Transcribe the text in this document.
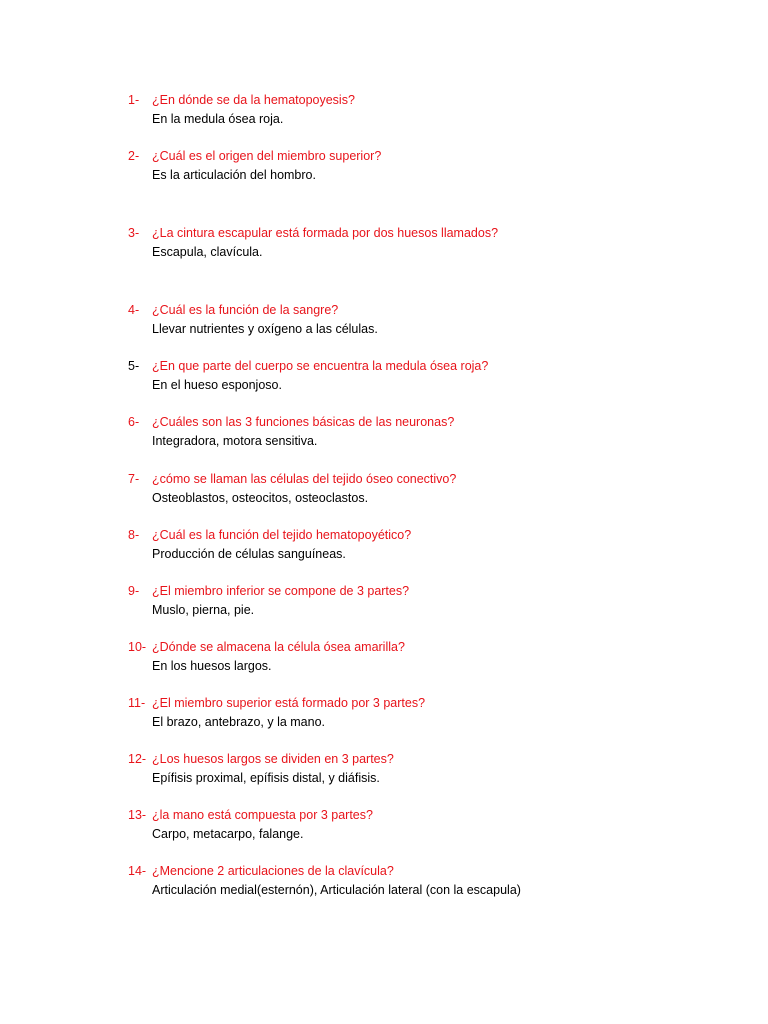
1- ¿En dónde se da la hematopoyesis?
En la medula ósea roja.
2- ¿Cuál es el origen del miembro superior?
Es la articulación del hombro.
3- ¿La cintura escapular está formada por dos huesos llamados?
Escapula, clavícula.
4- ¿Cuál es la función de la sangre?
Llevar nutrientes y oxígeno a las células.
5- ¿En que parte del cuerpo se encuentra la medula ósea roja?
En el hueso esponjoso.
6- ¿Cuáles son las 3 funciones básicas de las neuronas?
Integradora, motora sensitiva.
7- ¿cómo se llaman las células del tejido óseo conectivo?
Osteoblastos, osteocitos, osteoclastos.
8- ¿Cuál es la función del tejido hematopoyético?
Producción de células sanguíneas.
9- ¿El miembro inferior se compone de 3 partes?
Muslo, pierna, pie.
10- ¿Dónde se almacena la célula ósea amarilla?
En los huesos largos.
11- ¿El miembro superior está formado por 3 partes?
El brazo, antebrazo, y la mano.
12- ¿Los huesos largos se dividen en 3 partes?
Epífisis proximal, epífisis distal, y diáfisis.
13- ¿la mano está compuesta por 3 partes?
Carpo, metacarpo, falange.
14- ¿Mencione 2 articulaciones de la clavícula?
Articulación medial(esternón), Articulación lateral (con la escapula)
